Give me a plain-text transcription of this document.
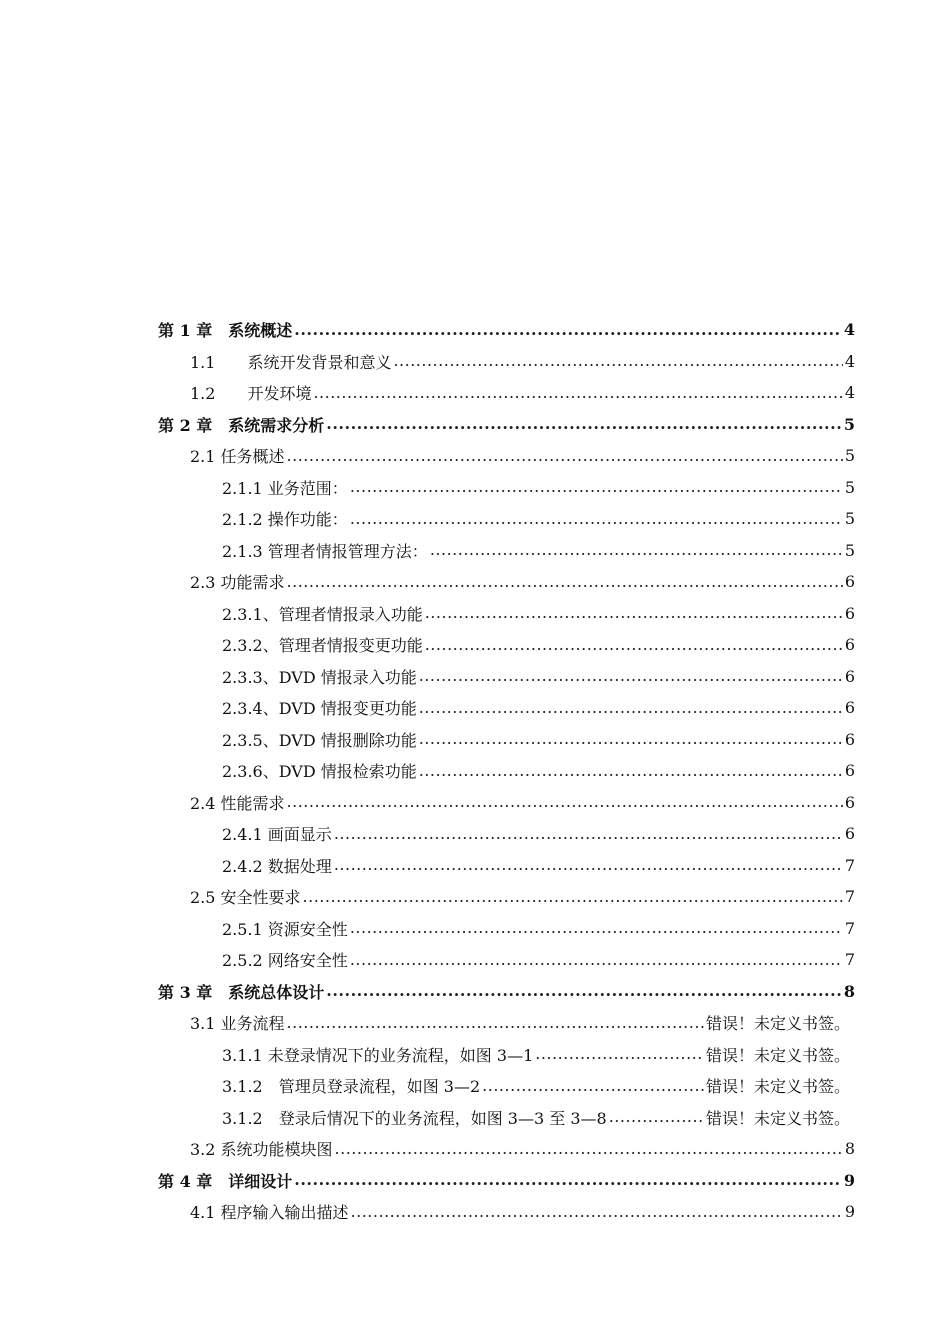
第 1 章　系统概述 .....	4
1.1　　系统开发背景和意义 .....	4
1.2　　开发环境 .....	4
第 2 章　系统需求分析 .....	5
2.1 任务概述 .....	5
2.1.1 业务范围： .....	5
2.1.2 操作功能： .....	5
2.1.3 管理者情报管理方法： .....	5
2.3 功能需求 .....	6
2.3.1、管理者情报录入功能 .....	6
2.3.2、管理者情报变更功能 .....	6
2.3.3、DVD 情报录入功能 .....	6
2.3.4、DVD 情报变更功能 .....	6
2.3.5、DVD 情报删除功能 .....	6
2.3.6、DVD 情报检索功能 .....	6
2.4 性能需求 .....	6
2.4.1 画面显示 .....	6
2.4.2 数据处理 .....	7
2.5 安全性要求 .....	7
2.5.1 资源安全性 .....	7
2.5.2 网络安全性 .....	7
第 3 章　系统总体设计 .....	8
3.1 业务流程 .....	错误！未定义书签。
3.1.1 未登录情况下的业务流程，如图 3—1 .....	错误！未定义书签。
3.1.2　管理员登录流程，如图 3—2 .....	错误！未定义书签。
3.1.2　登录后情况下的业务流程，如图 3—3 至 3—8 .....	错误！未定义书签。
3.2 系统功能模块图 .....	8
第 4 章　详细设计 .....	9
4.1 程序输入输出描述 .....	9
